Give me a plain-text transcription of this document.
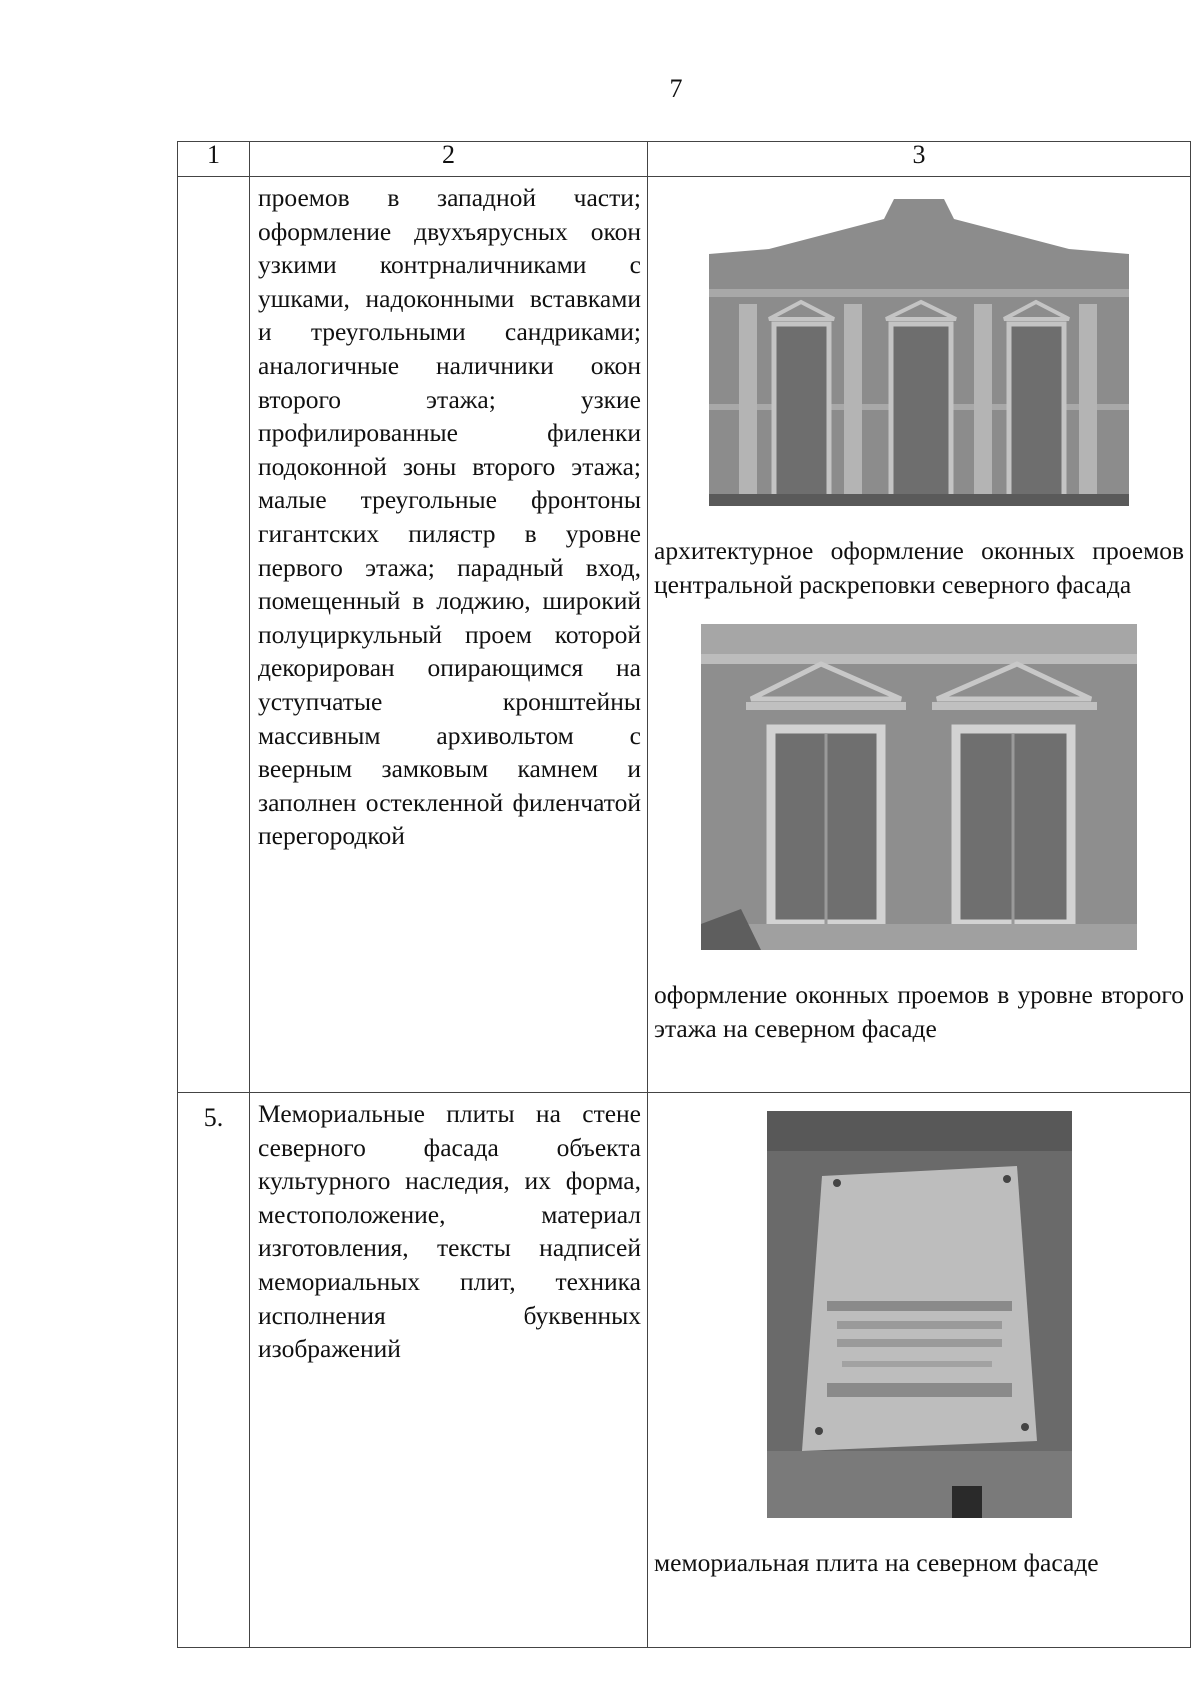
7
1	2	3

	проемов в западной части; оформление двухъярусных окон узкими контрналичниками с ушками, надоконными вставками и треугольными сандриками; аналогичные наличники окон второго этажа; узкие профилированные филенки подоконной зоны второго этажа; малые треугольные фронтоны гигантских пилястр в уровне первого этажа; парадный вход, помещенный в лоджию, широкий полуциркульный проем которой декорирован опирающимся на уступчатые кронштейны массивным архивольтом с веерным замковым камнем и заполнен остекленной филенчатой перегородкой	архитектурное оформление оконных проемов центральной раскреповки северного фасада

оформление оконных проемов в уровне второго этажа на северном фасаде

5.	Мемориальные плиты на стене северного фасада объекта культурного наследия, их форма, местоположение, материал изготовления, тексты надписей мемориальных плит, техника исполнения буквенных изображений	мемориальная плита на северном фасаде
